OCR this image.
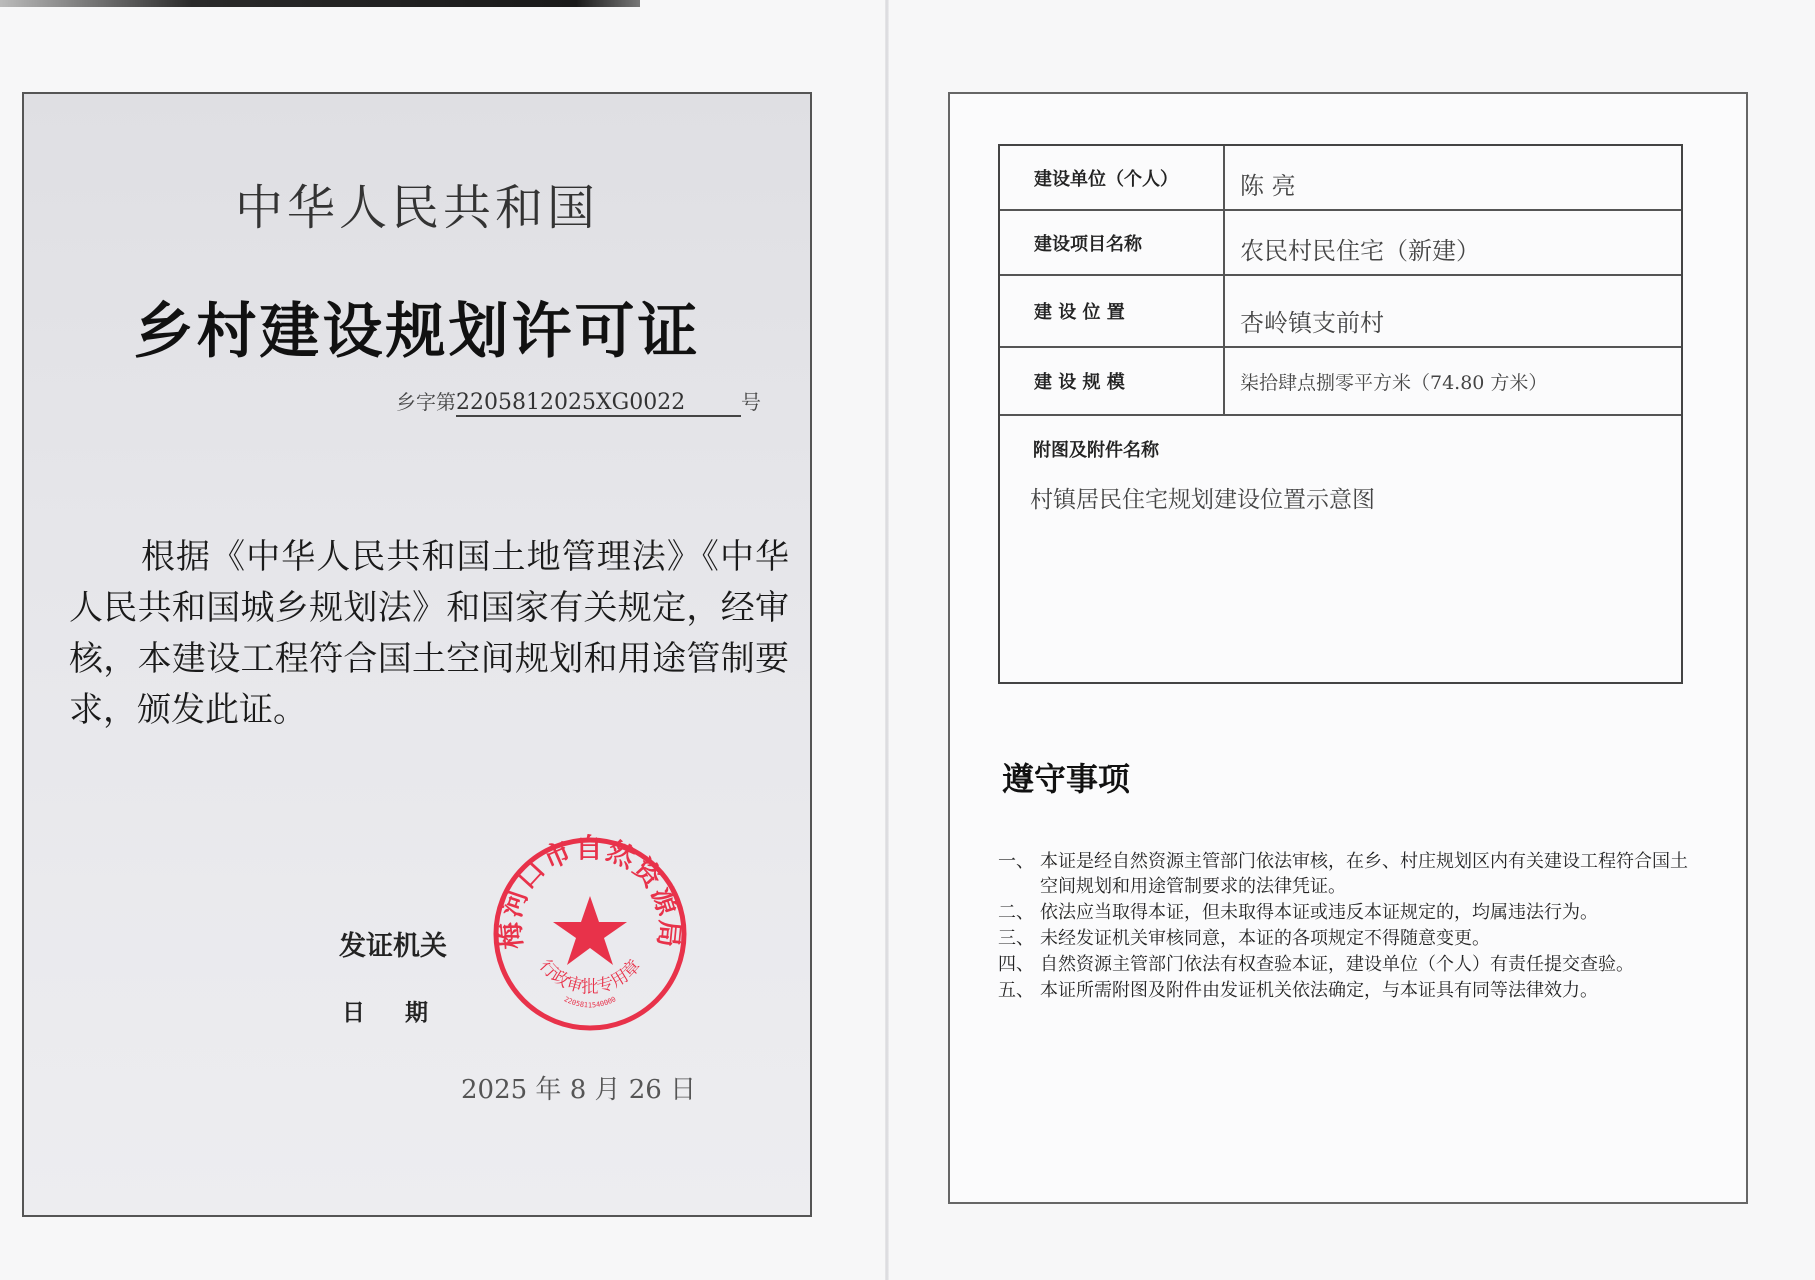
中华人民共和国
乡村建设规划许可证
乡字第2205812025XG0022	号
根据《中华人民共和国土地管理法》《中华人民共和国城乡规划法》和国家有关规定，经审核，本建设工程符合国土空间规划和用途管制要求，颁发此证。
发证机关
日期
2025 年 8 月 26 日
梅河口市自然资源局
行政审批专用章
2205811540000
建设单位（个人）	陈 亮
建设项目名称	农民村民住宅（新建）
建 设 位 置	杏岭镇支前村
建 设 规 模	柒拾肆点捌零平方米（74.80 方米）
附图及附件名称
村镇居民住宅规划建设位置示意图
遵守事项
一、 本证是经自然资源主管部门依法审核，在乡、村庄规划区内有关建设工程符合国土空间规划和用途管制要求的法律凭证。
二、 依法应当取得本证，但未取得本证或违反本证规定的，均属违法行为。
三、 未经发证机关审核同意，本证的各项规定不得随意变更。
四、 自然资源主管部门依法有权查验本证，建设单位（个人）有责任提交查验。
五、 本证所需附图及附件由发证机关依法确定，与本证具有同等法律效力。
